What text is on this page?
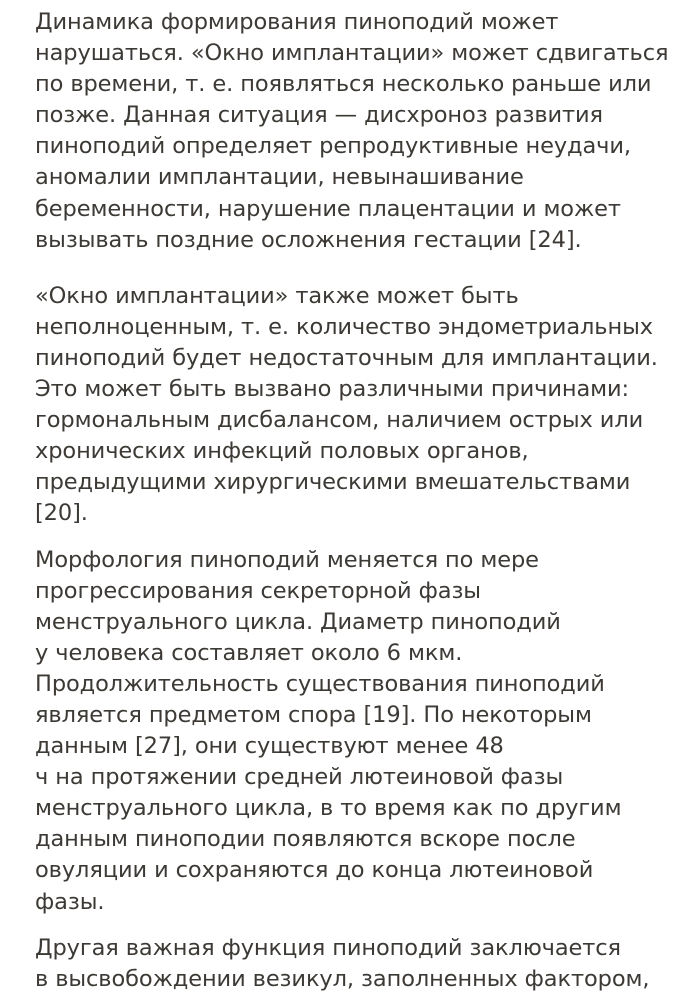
Динамика формирования пиноподий может
нарушаться. «Окно имплантации» может сдвигаться
по времени, т. е. появляться несколько раньше или
позже. Данная ситуация — дисхроноз развития
пиноподий определяет репродуктивные неудачи,
аномалии имплантации, невынашивание
беременности, нарушение плацентации и может
вызывать поздние осложнения гестации [24].

«Окно имплантации» также может быть
неполноценным, т. е. количество эндометриальных
пиноподий будет недостаточным для имплантации.
Это может быть вызвано различными причинами:
гормональным дисбалансом, наличием острых или
хронических инфекций половых органов,
предыдущими хирургическими вмешательствами
[20].

Морфология пиноподий меняется по мере
прогрессирования секреторной фазы
менструального цикла. Диаметр пиноподий
у человека составляет около 6 мкм.
Продолжительность существования пиноподий
является предметом спора [19]. По некоторым
данным [27], они существуют менее 48
ч на протяжении средней лютеиновой фазы
менструального цикла, в то время как по другим
данным пиноподии появляются вскоре после
овуляции и сохраняются до конца лютеиновой
фазы.

Другая важная функция пиноподий заключается
в высвобождении везикул, заполненных фактором,
